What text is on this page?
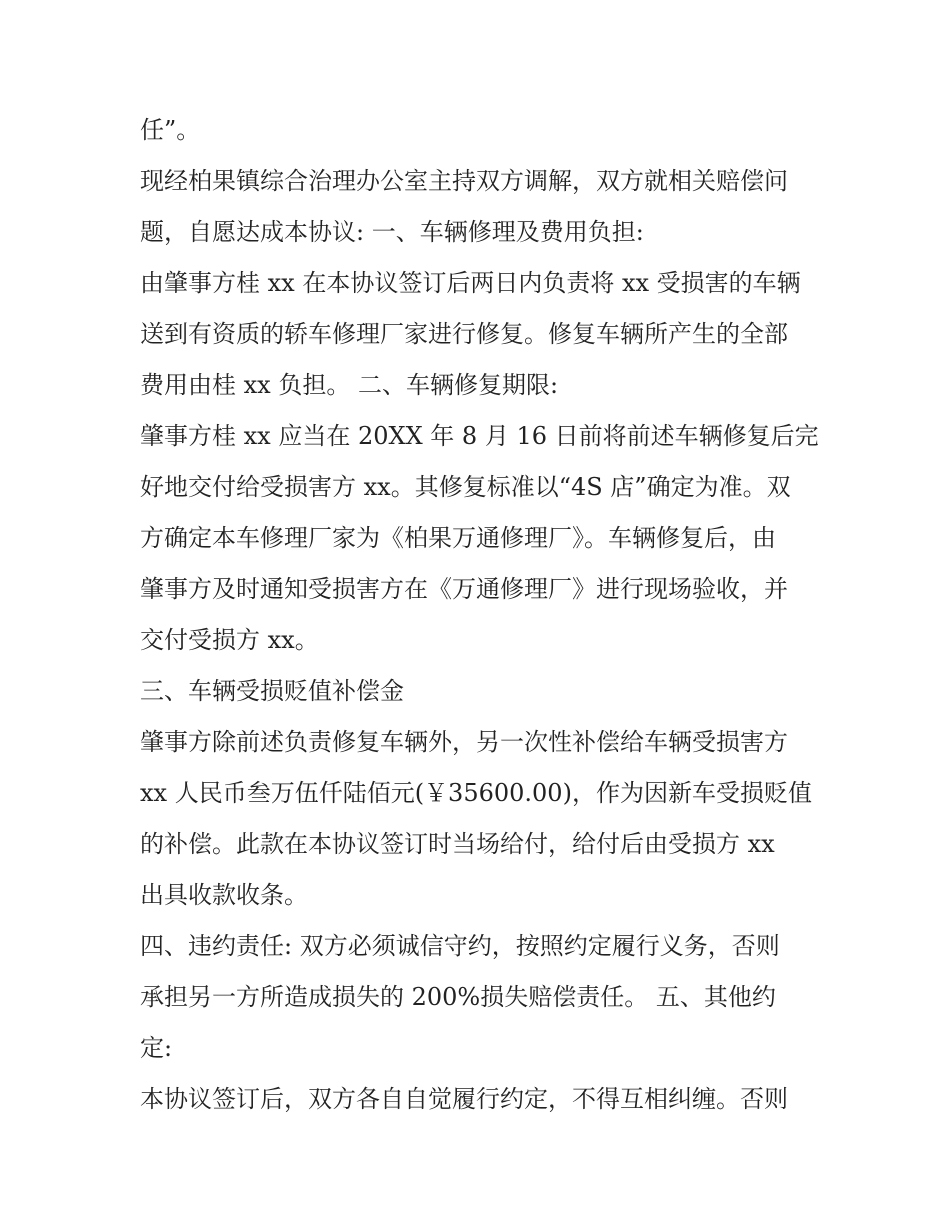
任”。

现经柏果镇综合治理办公室主持双方调解，双方就相关赔偿问

题，自愿达成本协议: 一、车辆修理及费用负担:

由肇事方桂 xx 在本协议签订后两日内负责将 xx 受损害的车辆

送到有资质的轿车修理厂家进行修复。修复车辆所产生的全部

费用由桂 xx 负担。 二、车辆修复期限:

肇事方桂 xx 应当在 20XX 年 8 月 16 日前将前述车辆修复后完

好地交付给受损害方 xx。其修复标准以“4S 店”确定为准。双

方确定本车修理厂家为《柏果万通修理厂》。车辆修复后，由

肇事方及时通知受损害方在《万通修理厂》进行现场验收，并

交付受损方 xx。

三、车辆受损贬值补偿金

肇事方除前述负责修复车辆外，另一次性补偿给车辆受损害方

xx 人民币叁万伍仟陆佰元(￥35600.00)，作为因新车受损贬值

的补偿。此款在本协议签订时当场给付，给付后由受损方 xx

出具收款收条。

四、违约责任: 双方必须诚信守约，按照约定履行义务，否则

承担另一方所造成损失的 200%损失赔偿责任。 五、其他约

定:

本协议签订后，双方各自自觉履行约定，不得互相纠缠。否则
